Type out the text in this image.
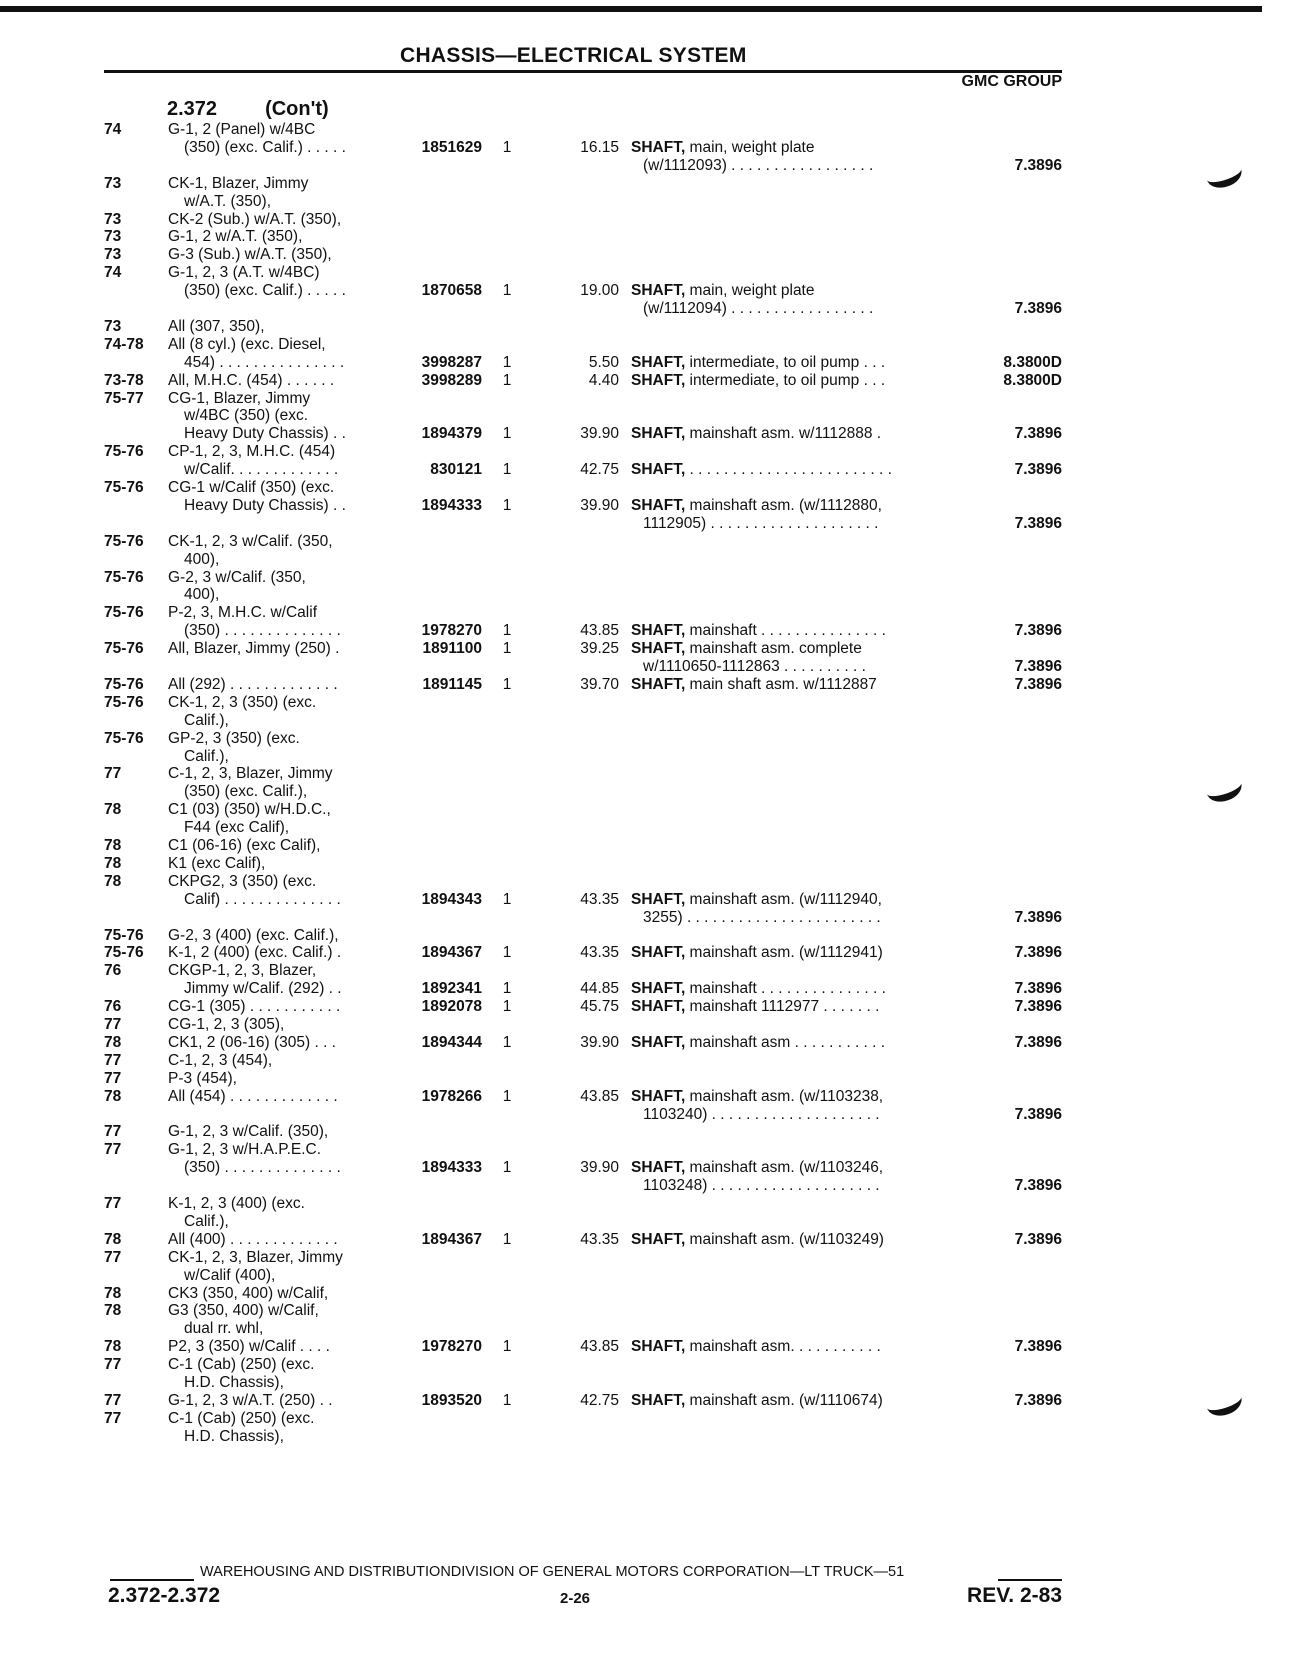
CHASSIS—ELECTRICAL SYSTEM
GMC GROUP
2.372 (Con't)
74	G-1, 2 (Panel) w/4BC
(350) (exc. Calif.) . . . . .	1851629 1	16.15 SHAFT, main, weight plate
(w/1112093) . . . . . . . . . . . . . . . . .	7.3896
73	CK-1, Blazer, Jimmy
w/A.T. (350),
73	CK-2 (Sub.) w/A.T. (350),
73	G-1, 2 w/A.T. (350),
73	G-3 (Sub.) w/A.T. (350),
74	G-1, 2, 3 (A.T. w/4BC)
(350) (exc. Calif.) . . . . .	1870658 1	19.00 SHAFT, main, weight plate
(w/1112094) . . . . . . . . . . . . . . . . .	7.3896
73	All (307, 350),
74-78	All (8 cyl.) (exc. Diesel,
454) . . . . . . . . . . . . . . .	3998287 1	5.50 SHAFT, intermediate, to oil pump . . .	8.3800D
73-78	All, M.H.C. (454) . . . . . .	3998289 1	4.40 SHAFT, intermediate, to oil pump . . .	8.3800D
75-77	CG-1, Blazer, Jimmy
w/4BC (350) (exc.
Heavy Duty Chassis) . .	1894379 1	39.90 SHAFT, mainshaft asm. w/1112888 .	7.3896
75-76	CP-1, 2, 3, M.H.C. (454)
w/Calif. . . . . . . . . . . . .	830121 1	42.75 SHAFT, . . . . . . . . . . . . . . . . . . . . . . . .	7.3896
75-76	CG-1 w/Calif (350) (exc.
Heavy Duty Chassis) . .	1894333 1	39.90 SHAFT, mainshaft asm. (w/1112880,
1112905) . . . . . . . . . . . . . . . . . . . .	7.3896
75-76	CK-1, 2, 3 w/Calif. (350,
400),
75-76	G-2, 3 w/Calif. (350,
400),
75-76	P-2, 3, M.H.C. w/Calif
(350) . . . . . . . . . . . . . .	1978270 1	43.85 SHAFT, mainshaft . . . . . . . . . . . . . . .	7.3896
75-76	All, Blazer, Jimmy (250) .	1891100 1	39.25 SHAFT, mainshaft asm. complete
w/1110650-1112863 . . . . . . . . . .	7.3896
75-76	All (292) . . . . . . . . . . . . .	1891145 1	39.70 SHAFT, main shaft asm. w/1112887	7.3896
75-76	CK-1, 2, 3 (350) (exc.
Calif.),
75-76	GP-2, 3 (350) (exc.
Calif.),
77	C-1, 2, 3, Blazer, Jimmy
(350) (exc. Calif.),
78	C1 (03) (350) w/H.D.C.,
F44 (exc Calif),
78	C1 (06-16) (exc Calif),
78	K1 (exc Calif),
78	CKPG2, 3 (350) (exc.
Calif) . . . . . . . . . . . . . .	1894343 1	43.35 SHAFT, mainshaft asm. (w/1112940,
3255) . . . . . . . . . . . . . . . . . . . . . . .	7.3896
75-76	G-2, 3 (400) (exc. Calif.),
75-76	K-1, 2 (400) (exc. Calif.) .	1894367 1	43.35 SHAFT, mainshaft asm. (w/1112941)	7.3896
76	CKGP-1, 2, 3, Blazer,
Jimmy w/Calif. (292) . .	1892341 1	44.85 SHAFT, mainshaft . . . . . . . . . . . . . . .	7.3896
76	CG-1 (305) . . . . . . . . . . .	1892078 1	45.75 SHAFT, mainshaft 1112977 . . . . . . .	7.3896
77	CG-1, 2, 3 (305),
78	CK1, 2 (06-16) (305) . . .	1894344 1	39.90 SHAFT, mainshaft asm . . . . . . . . . . .	7.3896
77	C-1, 2, 3 (454),
77	P-3 (454),
78	All (454) . . . . . . . . . . . . .	1978266 1	43.85 SHAFT, mainshaft asm. (w/1103238,
1103240) . . . . . . . . . . . . . . . . . . . .	7.3896
77	G-1, 2, 3 w/Calif. (350),
77	G-1, 2, 3 w/H.A.P.E.C.
(350) . . . . . . . . . . . . . .	1894333 1	39.90 SHAFT, mainshaft asm. (w/1103246,
1103248) . . . . . . . . . . . . . . . . . . . .	7.3896
77	K-1, 2, 3 (400) (exc.
Calif.),
78	All (400) . . . . . . . . . . . . .	1894367 1	43.35 SHAFT, mainshaft asm. (w/1103249)	7.3896
77	CK-1, 2, 3, Blazer, Jimmy
w/Calif (400),
78	CK3 (350, 400) w/Calif,
78	G3 (350, 400) w/Calif,
dual rr. whl,
78	P2, 3 (350) w/Calif . . . .	1978270 1	43.85 SHAFT, mainshaft asm. . . . . . . . . . .	7.3896
77	C-1 (Cab) (250) (exc.
H.D. Chassis),
77	G-1, 2, 3 w/A.T. (250) . .	1893520 1	42.75 SHAFT, mainshaft asm. (w/1110674)	7.3896
77	C-1 (Cab) (250) (exc.
H.D. Chassis),
WAREHOUSING AND DISTRIBUTIONDIVISION OF GENERAL MOTORS CORPORATION—LT TRUCK—51
2.372-2.372	2-26	REV. 2-83
